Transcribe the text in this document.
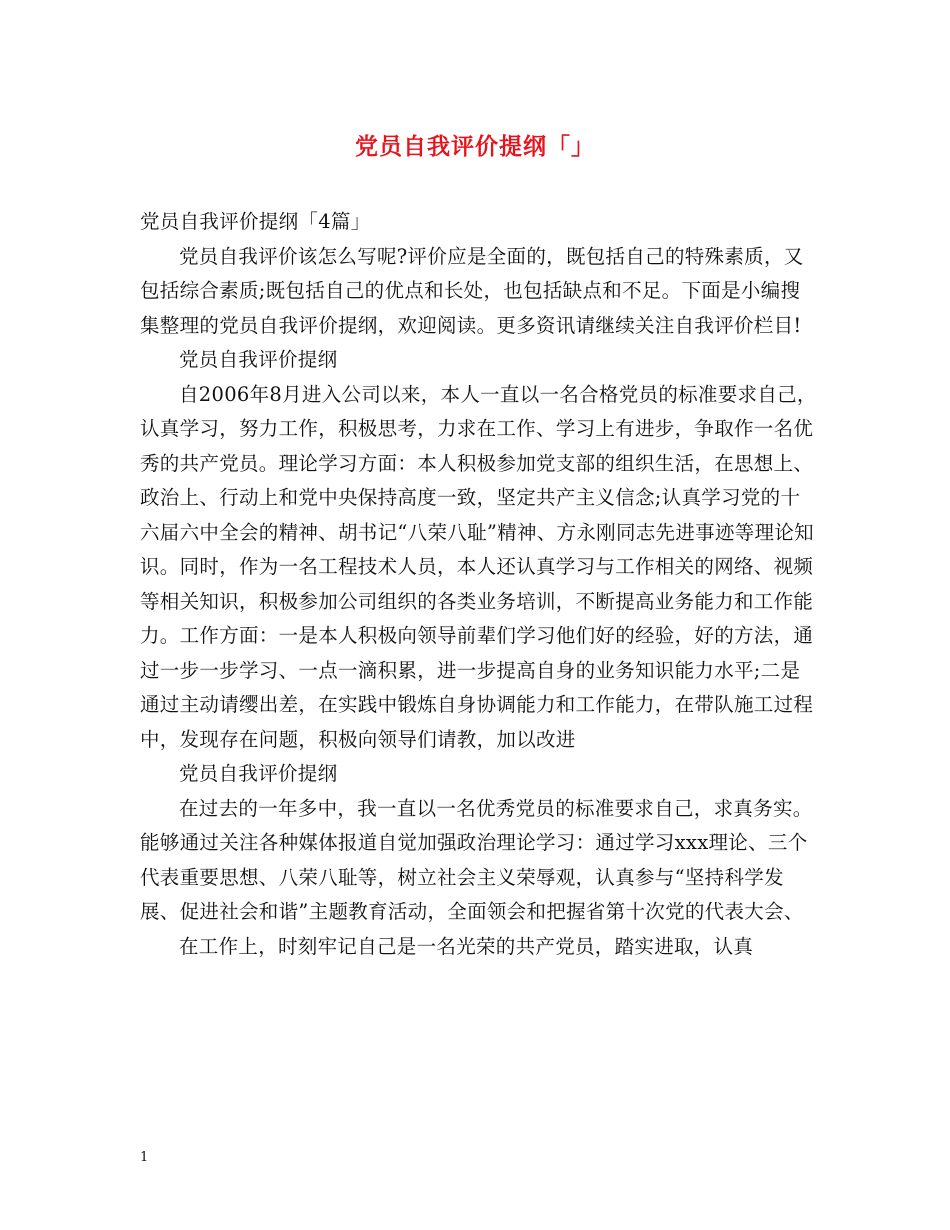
党员自我评价提纲「」

党员自我评价提纲「4篇」

党员自我评价该怎么写呢?评价应是全面的，既包括自己的特殊素质，又包括综合素质;既包括自己的优点和长处，也包括缺点和不足。下面是小编搜集整理的党员自我评价提纲，欢迎阅读。更多资讯请继续关注自我评价栏目!

党员自我评价提纲

自2006年8月进入公司以来，本人一直以一名合格党员的标准要求自己，认真学习，努力工作，积极思考，力求在工作、学习上有进步，争取作一名优秀的共产党员。理论学习方面：本人积极参加党支部的组织生活，在思想上、政治上、行动上和党中央保持高度一致，坚定共产主义信念;认真学习党的十六届六中全会的精神、胡书记“八荣八耻”精神、方永刚同志先进事迹等理论知识。同时，作为一名工程技术人员，本人还认真学习与工作相关的网络、视频等相关知识，积极参加公司组织的各类业务培训，不断提高业务能力和工作能力。工作方面：一是本人积极向领导前辈们学习他们好的经验，好的方法，通过一步一步学习、一点一滴积累，进一步提高自身的业务知识能力水平;二是通过主动请缨出差，在实践中锻炼自身协调能力和工作能力，在带队施工过程中，发现存在问题，积极向领导们请教，加以改进

党员自我评价提纲

在过去的一年多中，我一直以一名优秀党员的标准要求自己，求真务实。能够通过关注各种媒体报道自觉加强政治理论学习：通过学习xxx理论、三个代表重要思想、八荣八耻等，树立社会主义荣辱观，认真参与“坚持科学发展、促进社会和谐”主题教育活动，全面领会和把握省第十次党的代表大会、

在工作上，时刻牢记自己是一名光荣的共产党员，踏实进取，认真

1
